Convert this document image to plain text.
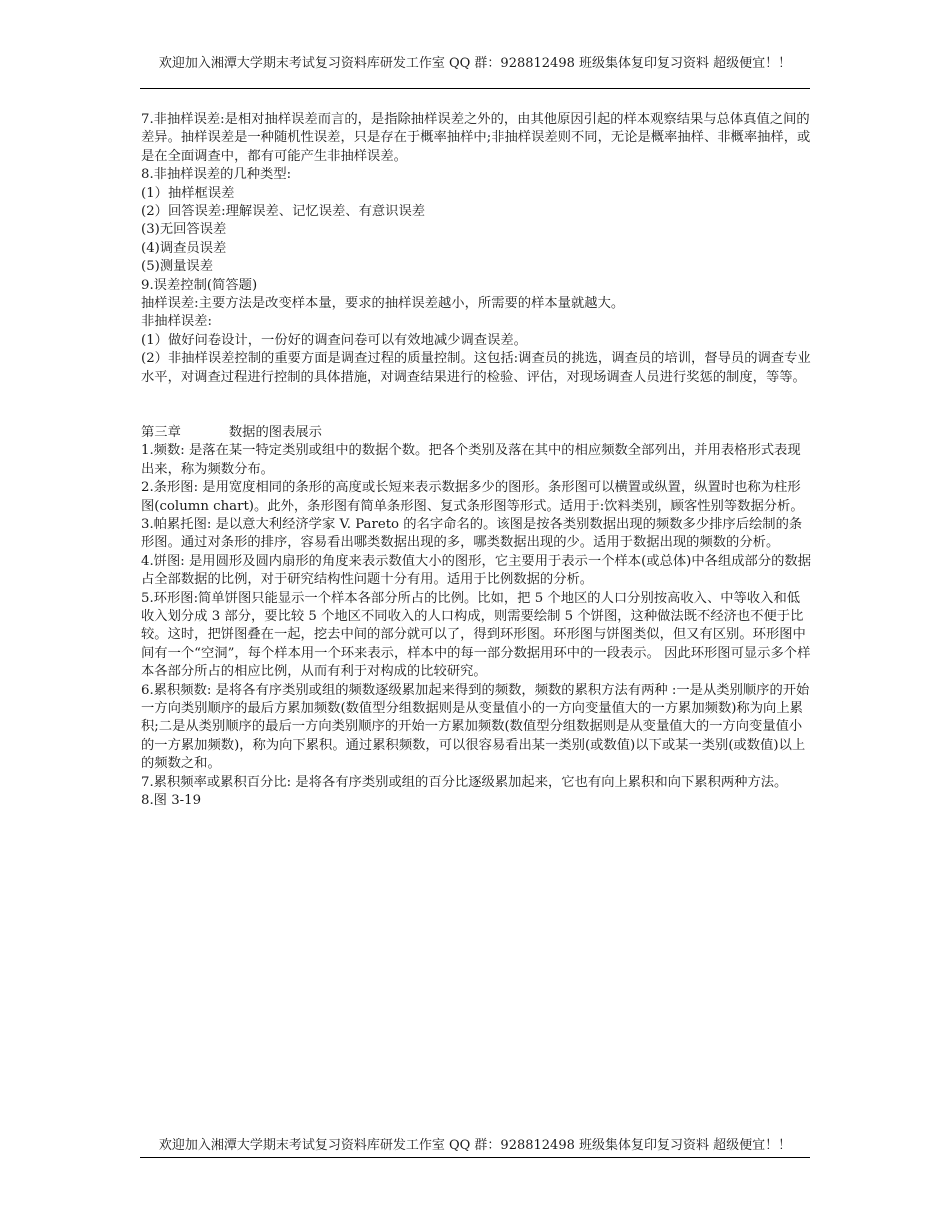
欢迎加入湘潭大学期末考试复习资料库研发工作室 QQ 群：928812498 班级集体复印复习资料 超级便宜！！

7.非抽样误差:是相对抽样误差而言的，是指除抽样误差之外的，由其他原因引起的样本观察结果与总体真值之间的差异。抽样误差是一种随机性误差，只是存在于概率抽样中;非抽样误差则不同，无论是概率抽样、非概率抽样，或是在全面调查中，都有可能产生非抽样误差。

8.非抽样误差的几种类型:

(1）抽样框误差

(2）回答误差:理解误差、记忆误差、有意识误差

(3)无回答误差

(4)调查员误差

(5)测量误差

9.误差控制(简答题)

抽样误差:主要方法是改变样本量，要求的抽样误差越小，所需要的样本量就越大。

非抽样误差:

(1）做好问卷设计，一份好的调查问卷可以有效地减少调查误差。

(2）非抽样误差控制的重要方面是调查过程的质量控制。这包括:调查员的挑选，调查员的培训，督导员的调查专业水平，对调查过程进行控制的具体措施，对调查结果进行的检验、评估，对现场调查人员进行奖惩的制度，等等。

第三章	数据的图表展示

1.频数: 是落在某一特定类别或组中的数据个数。把各个类别及落在其中的相应频数全部列出，并用表格形式表现出来，称为频数分布。

2.条形图: 是用宽度相同的条形的高度或长短来表示数据多少的图形。条形图可以横置或纵置，纵置时也称为柱形图(column chart)。此外，条形图有简单条形图、复式条形图等形式。适用于:饮料类别，顾客性别等数据分析。

3.帕累托图: 是以意大利经济学家 V. Pareto 的名字命名的。该图是按各类别数据出现的频数多少排序后绘制的条形图。通过对条形的排序，容易看出哪类数据出现的多，哪类数据出现的少。适用于数据出现的频数的分析。

4.饼图: 是用圆形及圆内扇形的角度来表示数值大小的图形，它主要用于表示一个样本(或总体)中各组成部分的数据占全部数据的比例，对于研究结构性问题十分有用。适用于比例数据的分析。

5.环形图:简单饼图只能显示一个样本各部分所占的比例。比如，把 5 个地区的人口分别按高收入、中等收入和低收入划分成 3 部分，要比较 5 个地区不同收入的人口构成，则需要绘制 5 个饼图，这种做法既不经济也不便于比较。这时，把饼图叠在一起，挖去中间的部分就可以了，得到环形图。环形图与饼图类似，但又有区别。环形图中间有一个“空洞”，每个样本用一个环来表示，样本中的每一部分数据用环中的一段表示。 因此环形图可显示多个样本各部分所占的相应比例，从而有利于对构成的比较研究。

6.累积频数: 是将各有序类别或组的频数逐级累加起来得到的频数，频数的累积方法有两种 :一是从类别顺序的开始一方向类别顺序的最后方累加频数(数值型分组数据则是从变量值小的一方向变量值大的一方累加频数)称为向上累积;二是从类别顺序的最后一方向类别顺序的开始一方累加频数(数值型分组数据则是从变量值大的一方向变量值小的一方累加频数)，称为向下累积。通过累积频数，可以很容易看出某一类别(或数值)以下或某一类别(或数值)以上的频数之和。

7.累积频率或累积百分比: 是将各有序类别或组的百分比逐级累加起来，它也有向上累积和向下累积两种方法。

8.图 3-19

欢迎加入湘潭大学期末考试复习资料库研发工作室 QQ 群：928812498 班级集体复印复习资料 超级便宜！！
